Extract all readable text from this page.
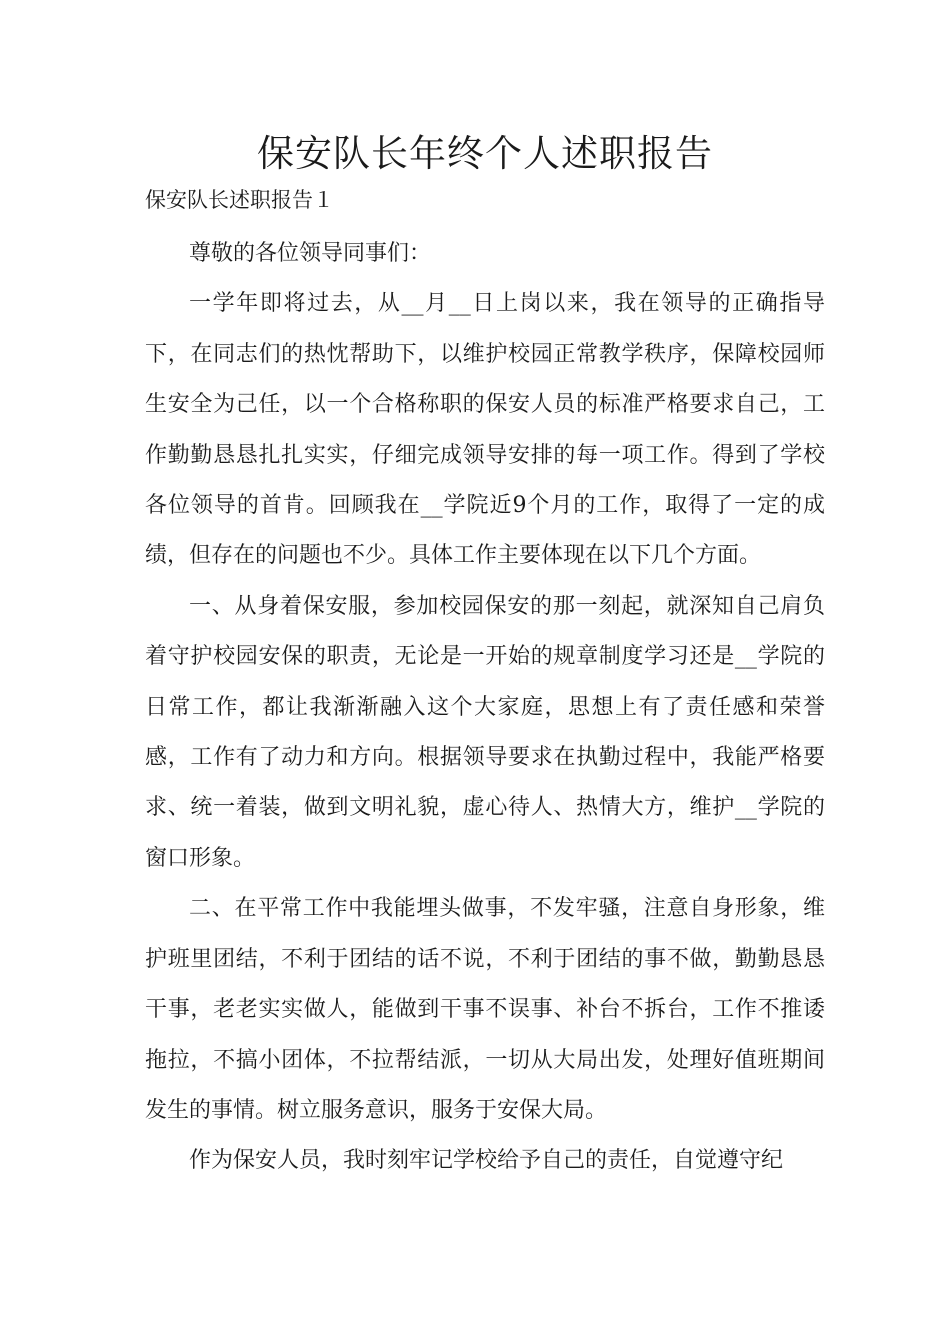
保安队长年终个人述职报告

保安队长述职报告１

尊敬的各位领导同事们：

一学年即将过去，从__月__日上岗以来，我在领导的正确指导下，在同志们的热忱帮助下，以维护校园正常教学秩序，保障校园师生安全为己任，以一个合格称职的保安人员的标准严格要求自己，工作勤勤恳恳扎扎实实，仔细完成领导安排的每一项工作。得到了学校各位领导的首肯。回顾我在__学院近9个月的工作，取得了一定的成绩，但存在的问题也不少。具体工作主要体现在以下几个方面。

一、从身着保安服，参加校园保安的那一刻起，就深知自己肩负着守护校园安保的职责，无论是一开始的规章制度学习还是__学院的日常工作，都让我渐渐融入这个大家庭，思想上有了责任感和荣誉感，工作有了动力和方向。根据领导要求在执勤过程中，我能严格要求、统一着装，做到文明礼貌，虚心待人、热情大方，维护__学院的窗口形象。

二、在平常工作中我能埋头做事，不发牢骚，注意自身形象，维护班里团结，不利于团结的话不说，不利于团结的事不做，勤勤恳恳干事，老老实实做人，能做到干事不误事、补台不拆台，工作不推诿拖拉，不搞小团体，不拉帮结派，一切从大局出发，处理好值班期间发生的事情。树立服务意识，服务于安保大局。

作为保安人员，我时刻牢记学校给予自己的责任，自觉遵守纪
